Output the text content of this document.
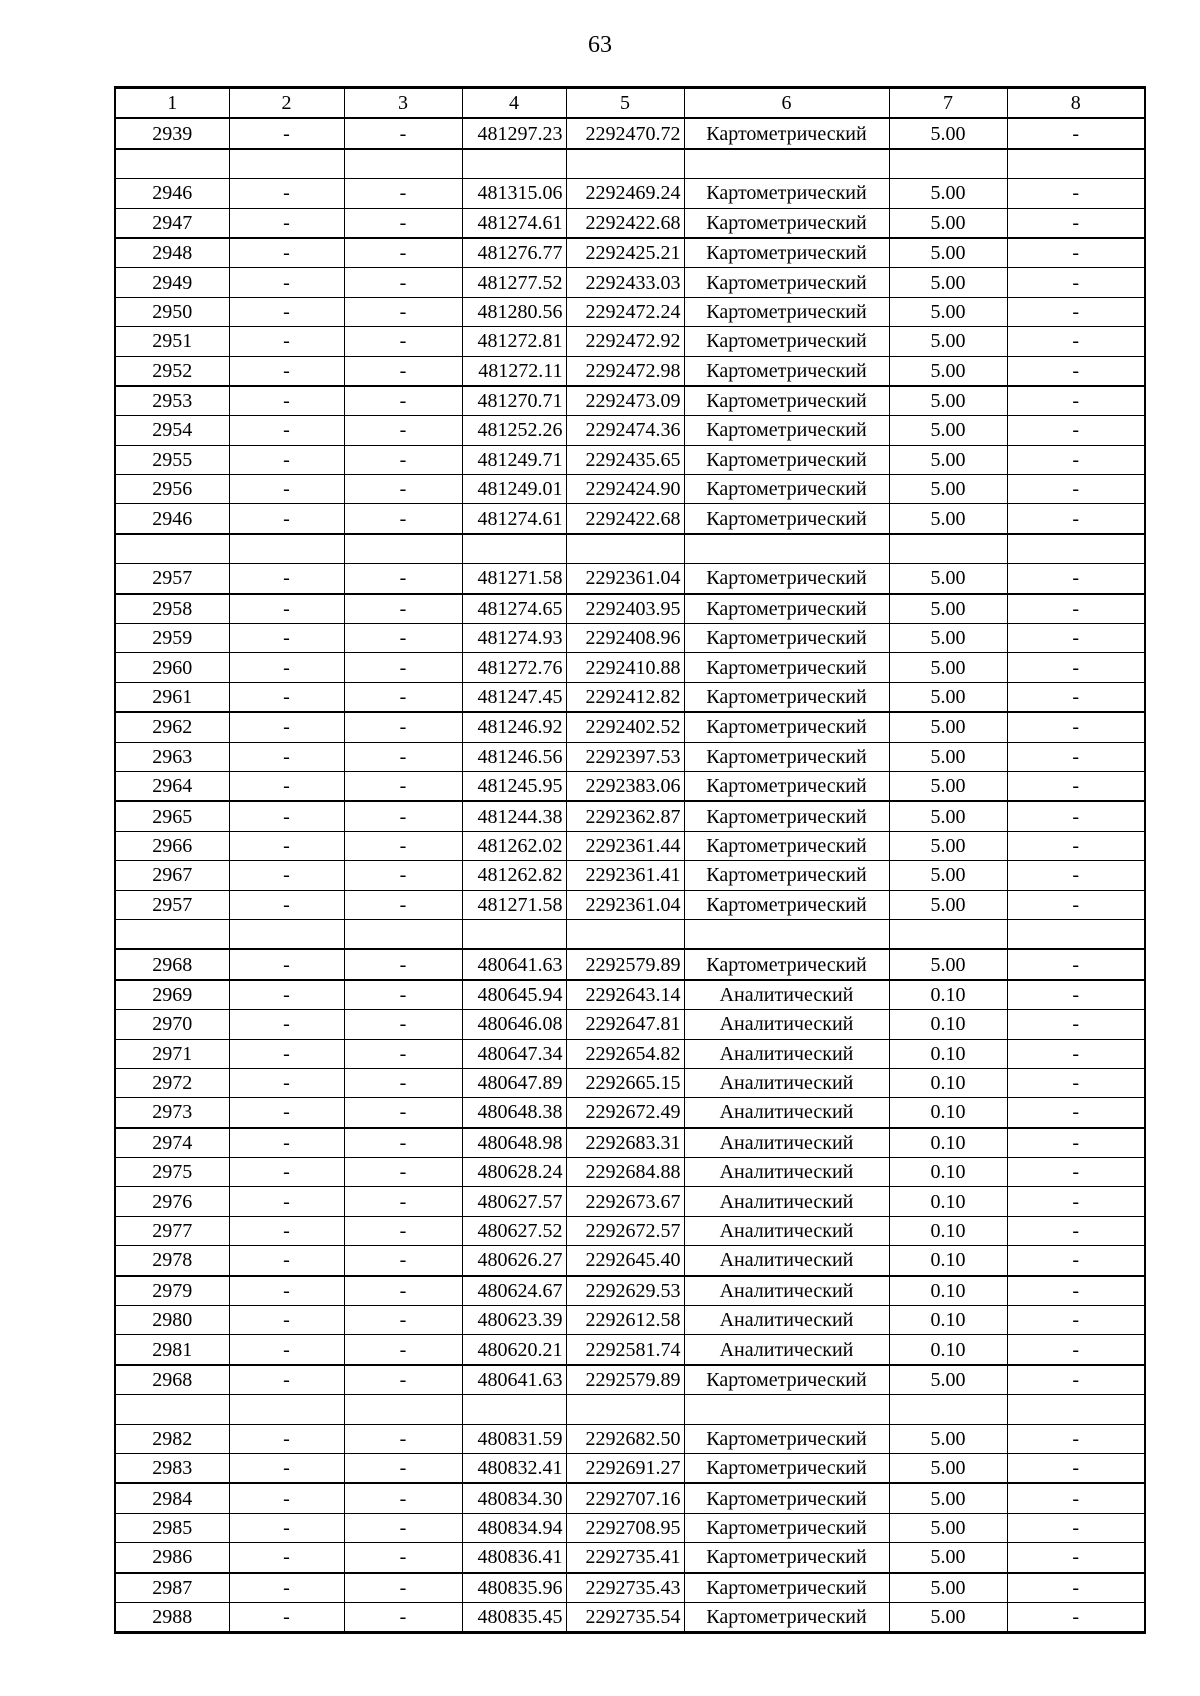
63
1	2	3	4	5	6	7	8
2939	-	-	481297.23	2292470.72	Картометрический	5.00	-

2946	-	-	481315.06	2292469.24	Картометрический	5.00	-
2947	-	-	481274.61	2292422.68	Картометрический	5.00	-
2948	-	-	481276.77	2292425.21	Картометрический	5.00	-
2949	-	-	481277.52	2292433.03	Картометрический	5.00	-
2950	-	-	481280.56	2292472.24	Картометрический	5.00	-
2951	-	-	481272.81	2292472.92	Картометрический	5.00	-
2952	-	-	481272.11	2292472.98	Картометрический	5.00	-
2953	-	-	481270.71	2292473.09	Картометрический	5.00	-
2954	-	-	481252.26	2292474.36	Картометрический	5.00	-
2955	-	-	481249.71	2292435.65	Картометрический	5.00	-
2956	-	-	481249.01	2292424.90	Картометрический	5.00	-
2946	-	-	481274.61	2292422.68	Картометрический	5.00	-

2957	-	-	481271.58	2292361.04	Картометрический	5.00	-
2958	-	-	481274.65	2292403.95	Картометрический	5.00	-
2959	-	-	481274.93	2292408.96	Картометрический	5.00	-
2960	-	-	481272.76	2292410.88	Картометрический	5.00	-
2961	-	-	481247.45	2292412.82	Картометрический	5.00	-
2962	-	-	481246.92	2292402.52	Картометрический	5.00	-
2963	-	-	481246.56	2292397.53	Картометрический	5.00	-
2964	-	-	481245.95	2292383.06	Картометрический	5.00	-
2965	-	-	481244.38	2292362.87	Картометрический	5.00	-
2966	-	-	481262.02	2292361.44	Картометрический	5.00	-
2967	-	-	481262.82	2292361.41	Картометрический	5.00	-
2957	-	-	481271.58	2292361.04	Картометрический	5.00	-

2968	-	-	480641.63	2292579.89	Картометрический	5.00	-
2969	-	-	480645.94	2292643.14	Аналитический	0.10	-
2970	-	-	480646.08	2292647.81	Аналитический	0.10	-
2971	-	-	480647.34	2292654.82	Аналитический	0.10	-
2972	-	-	480647.89	2292665.15	Аналитический	0.10	-
2973	-	-	480648.38	2292672.49	Аналитический	0.10	-
2974	-	-	480648.98	2292683.31	Аналитический	0.10	-
2975	-	-	480628.24	2292684.88	Аналитический	0.10	-
2976	-	-	480627.57	2292673.67	Аналитический	0.10	-
2977	-	-	480627.52	2292672.57	Аналитический	0.10	-
2978	-	-	480626.27	2292645.40	Аналитический	0.10	-
2979	-	-	480624.67	2292629.53	Аналитический	0.10	-
2980	-	-	480623.39	2292612.58	Аналитический	0.10	-
2981	-	-	480620.21	2292581.74	Аналитический	0.10	-
2968	-	-	480641.63	2292579.89	Картометрический	5.00	-

2982	-	-	480831.59	2292682.50	Картометрический	5.00	-
2983	-	-	480832.41	2292691.27	Картометрический	5.00	-
2984	-	-	480834.30	2292707.16	Картометрический	5.00	-
2985	-	-	480834.94	2292708.95	Картометрический	5.00	-
2986	-	-	480836.41	2292735.41	Картометрический	5.00	-
2987	-	-	480835.96	2292735.43	Картометрический	5.00	-
2988	-	-	480835.45	2292735.54	Картометрический	5.00	-
